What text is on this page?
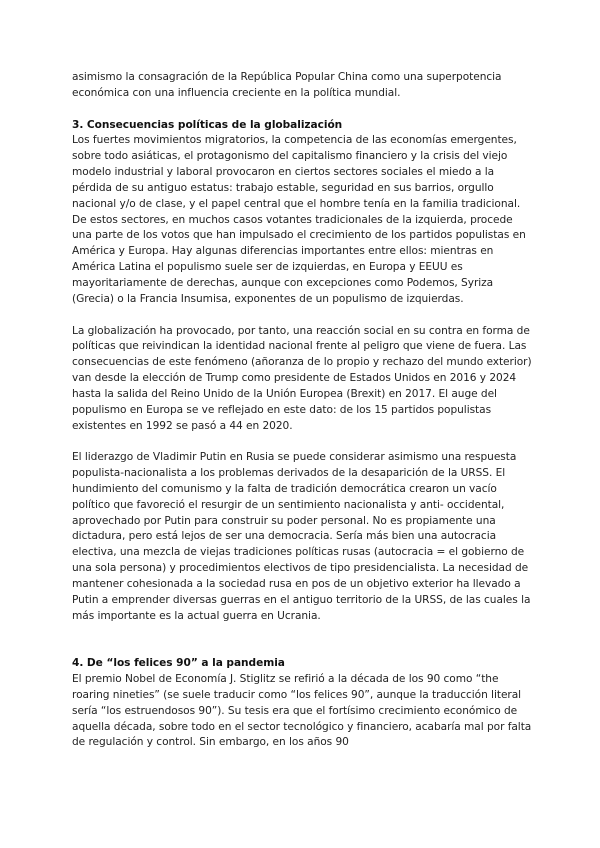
asimismo la consagración de la República Popular China como una superpotencia económica con una influencia creciente en la política mundial.

3. Consecuencias políticas de la globalización

Los fuertes movimientos migratorios, la competencia de las economías emergentes, sobre todo asiáticas, el protagonismo del capitalismo financiero y la crisis del viejo modelo industrial y laboral provocaron en ciertos sectores sociales el miedo a la pérdida de su antiguo estatus: trabajo estable, seguridad en sus barrios, orgullo nacional y/o de clase, y el papel central que el hombre tenía en la familia tradicional. De estos sectores, en muchos casos votantes tradicionales de la izquierda, procede una parte de los votos que han impulsado el crecimiento de los partidos populistas en América y Europa. Hay algunas diferencias importantes entre ellos: mientras en América Latina el populismo suele ser de izquierdas, en Europa y EEUU es mayoritariamente de derechas, aunque con excepciones como Podemos, Syriza (Grecia) o la Francia Insumisa, exponentes de un populismo de izquierdas.

La globalización ha provocado, por tanto, una reacción social en su contra en forma de políticas que reivindican la identidad nacional frente al peligro que viene de fuera. Las consecuencias de este fenómeno (añoranza de lo propio y rechazo del mundo exterior) van desde la elección de Trump como presidente de Estados Unidos en 2016 y 2024 hasta la salida del Reino Unido de la Unión Europea (Brexit) en 2017. El auge del populismo en Europa se ve reflejado en este dato: de los 15 partidos populistas existentes en 1992 se pasó a 44 en 2020.

El liderazgo de Vladimir Putin en Rusia se puede considerar asimismo una respuesta populista-nacionalista a los problemas derivados de la desaparición de la URSS. El hundimiento del comunismo y la falta de tradición democrática crearon un vacío político que favoreció el resurgir de un sentimiento nacionalista y anti- occidental, aprovechado por Putin para construir su poder personal. No es propiamente una dictadura, pero está lejos de ser una democracia. Sería más bien una autocracia electiva, una mezcla de viejas tradiciones políticas rusas (autocracia = el gobierno de una sola persona) y procedimientos electivos de tipo presidencialista. La necesidad de mantener cohesionada a la sociedad rusa en pos de un objetivo exterior ha llevado a Putin a emprender diversas guerras en el antiguo territorio de la URSS, de las cuales la más importante es la actual guerra en Ucrania.

4. De “los felices 90” a la pandemia

El premio Nobel de Economía J. Stiglitz se refirió a la década de los 90 como “the roaring nineties” (se suele traducir como “los felices 90”, aunque la traducción literal sería “los estruendosos 90”). Su tesis era que el fortísimo crecimiento económico de aquella década, sobre todo en el sector tecnológico y financiero, acabaría mal por falta de regulación y control. Sin embargo, en los años 90
